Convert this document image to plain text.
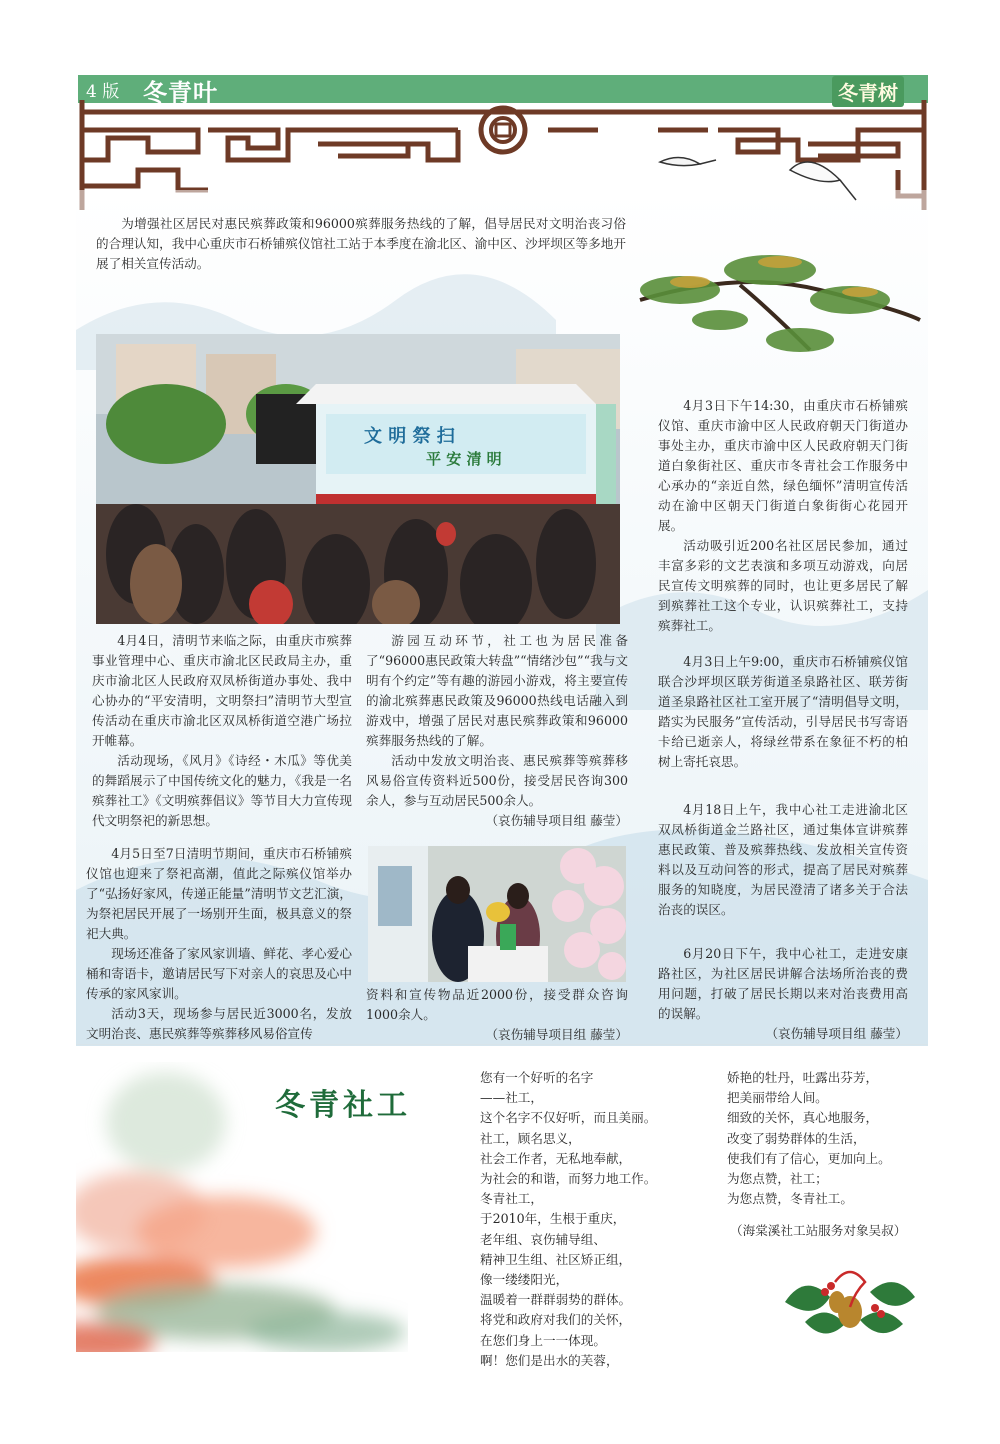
4 版 冬青叶	冬青树

为增强社区居民对惠民殡葬政策和96000殡葬服务热线的了解，倡导居民对文明治丧习俗的合理认知，我中心重庆市石桥铺殡仪馆社工站于本季度在渝北区、渝中区、沙坪坝区等多地开展了相关宣传活动。

文 明 祭 扫
平 安 清 明

4月4日，清明节来临之际，由重庆市殡葬事业管理中心、重庆市渝北区民政局主办，重庆市渝北区人民政府双凤桥街道办事处、我中心协办的“平安清明，文明祭扫”清明节大型宣传活动在重庆市渝北区双凤桥街道空港广场拉开帷幕。

活动现场，《风月》《诗经・木瓜》等优美的舞蹈展示了中国传统文化的魅力，《我是一名殡葬社工》《文明殡葬倡议》等节目大力宣传现代文明祭祀的新思想。

游园互动环节，社工也为居民准备了“96000惠民政策大转盘”“情绪沙包”“我与文明有个约定”等有趣的游园小游戏，将主要宣传的渝北殡葬惠民政策及96000热线电话融入到游戏中，增强了居民对惠民殡葬政策和96000殡葬服务热线的了解。

活动中发放文明治丧、惠民殡葬等殡葬移风易俗宣传资料近500份，接受居民咨询300余人，参与互动居民500余人。

（哀伤辅导项目组 藤莹）

4月3日下午14:30，由重庆市石桥铺殡仪馆、重庆市渝中区人民政府朝天门街道办事处主办，重庆市渝中区人民政府朝天门街道白象街社区、重庆市冬青社会工作服务中心承办的“亲近自然，绿色缅怀”清明宣传活动在渝中区朝天门街道白象街街心花园开展。

活动吸引近200名社区居民参加，通过丰富多彩的文艺表演和多项互动游戏，向居民宣传文明殡葬的同时，也让更多居民了解到殡葬社工这个专业，认识殡葬社工，支持殡葬社工。

4月3日上午9:00，重庆市石桥铺殡仪馆联合沙坪坝区联芳街道圣泉路社区、联芳街道圣泉路社区社工室开展了“清明倡导文明，踏实为民服务”宣传活动，引导居民书写寄语卡给已逝亲人，将绿丝带系在象征不朽的柏树上寄托哀思。

4月18日上午，我中心社工走进渝北区双凤桥街道金兰路社区，通过集体宣讲殡葬惠民政策、普及殡葬热线、发放相关宣传资料以及互动问答的形式，提高了居民对殡葬服务的知晓度，为居民澄清了诸多关于合法治丧的误区。

6月20日下午，我中心社工，走进安康路社区，为社区居民讲解合法场所治丧的费用问题，打破了居民长期以来对治丧费用高的误解。

（哀伤辅导项目组 藤莹）

4月5日至7日清明节期间，重庆市石桥铺殡仪馆也迎来了祭祀高潮，值此之际殡仪馆举办了“弘扬好家风，传递正能量”清明节文艺汇演，为祭祀居民开展了一场别开生面，极具意义的祭祀大典。

现场还准备了家风家训墙、鲜花、孝心爱心桶和寄语卡，邀请居民写下对亲人的哀思及心中传承的家风家训。

活动3天，现场参与居民近3000名，发放文明治丧、惠民殡葬等殡葬移风易俗宣传

资料和宣传物品近2000份，接受群众咨询1000余人。

（哀伤辅导项目组 藤莹）

冬青社工
您有一个好听的名字
——社工，
这个名字不仅好听，而且美丽。
社工，顾名思义，
社会工作者，无私地奉献，
为社会的和谐，而努力地工作。
冬青社工，
于2010年，生根于重庆，
老年组、哀伤辅导组、
精神卫生组、社区矫正组，
像一缕缕阳光，
温暖着一群群弱势的群体。
将党和政府对我们的关怀，
在您们身上一一体现。
啊！您们是出水的芙蓉，
娇艳的牡丹，吐露出芬芳，
把美丽带给人间。
细致的关怀，真心地服务，
改变了弱势群体的生活，
使我们有了信心，更加向上。
为您点赞，社工；
为您点赞，冬青社工。
（海棠溪社工站服务对象吴叔）
